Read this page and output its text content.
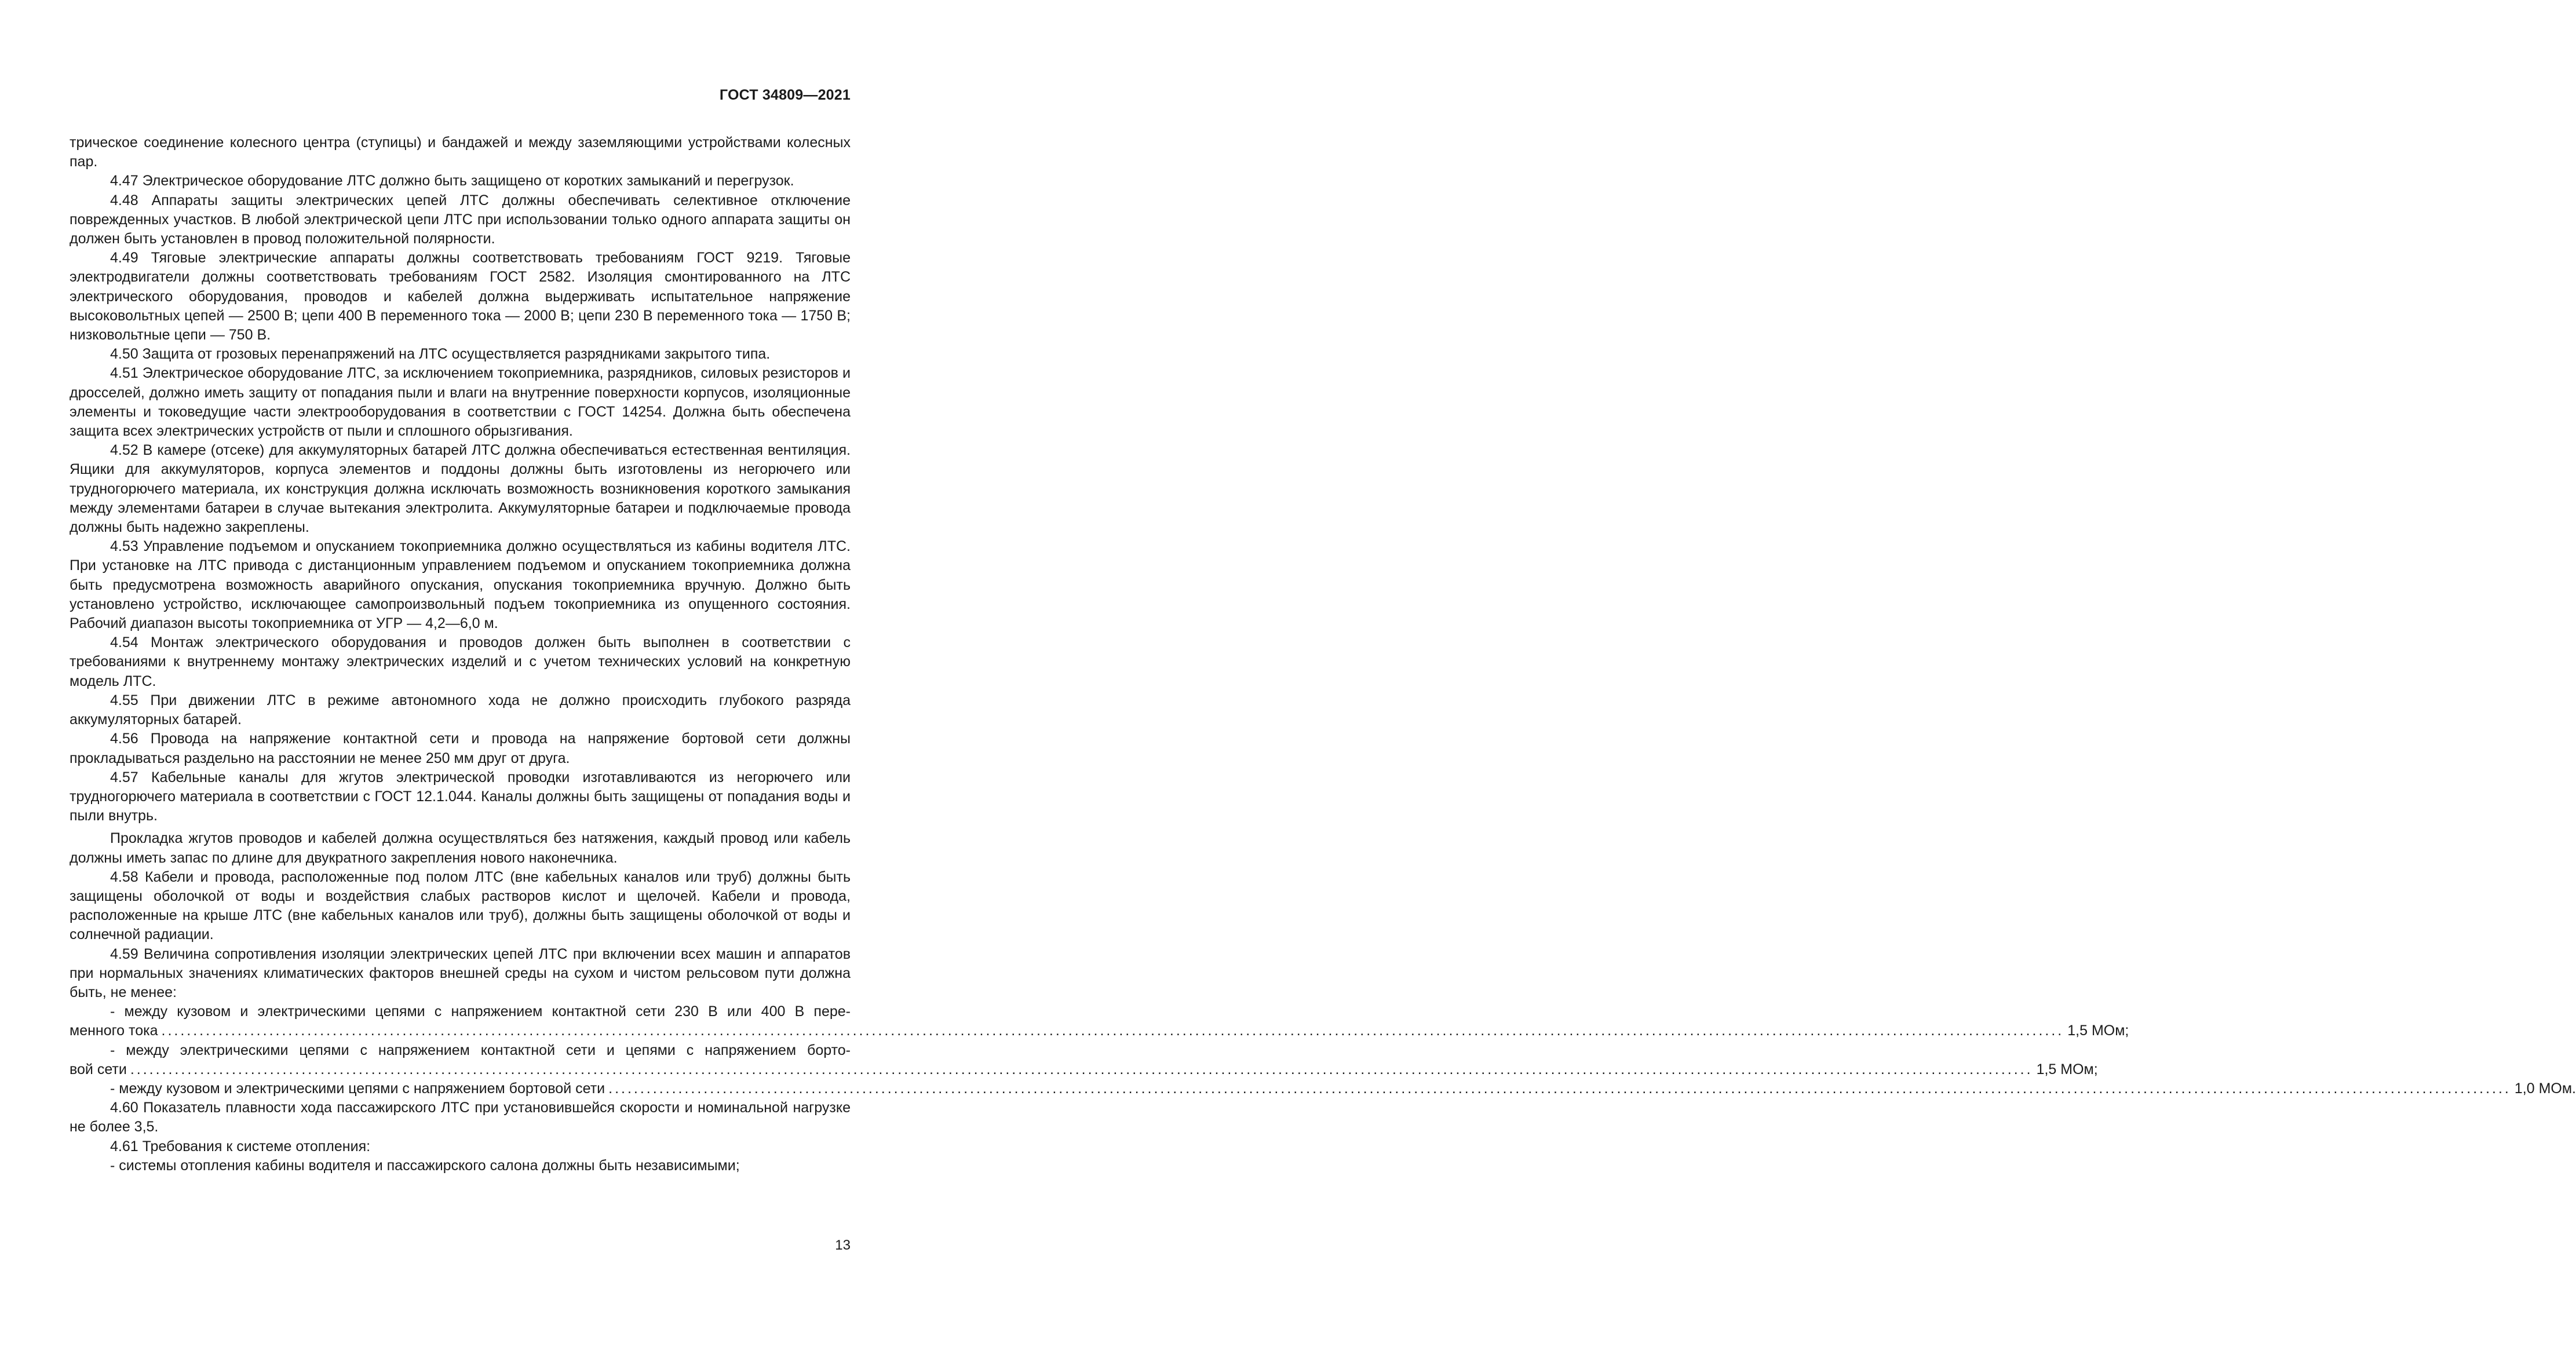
ГОСТ 34809—2021

трическое соединение колесного центра (ступицы) и бандажей и между заземляющими устройствами колесных пар.

4.47 Электрическое оборудование ЛТС должно быть защищено от коротких замыканий и перегрузок.

4.48 Аппараты защиты электрических цепей ЛТС должны обеспечивать селективное отключение поврежденных участков. В любой электрической цепи ЛТС при использовании только одного аппарата защиты он должен быть установлен в провод положительной полярности.

4.49 Тяговые электрические аппараты должны соответствовать требованиям ГОСТ 9219. Тяговые электродвигатели должны соответствовать требованиям ГОСТ 2582. Изоляция смонтированного на ЛТС электрического оборудования, проводов и кабелей должна выдерживать испытательное напряжение высоковольтных цепей — 2500 В; цепи 400 В переменного тока — 2000 В; цепи 230 В переменного тока — 1750 В; низковольтные цепи — 750 В.

4.50 Защита от грозовых перенапряжений на ЛТС осуществляется разрядниками закрытого типа.

4.51 Электрическое оборудование ЛТС, за исключением токоприемника, разрядников, силовых резисторов и дросселей, должно иметь защиту от попадания пыли и влаги на внутренние поверхности корпусов, изоляционные элементы и токоведущие части электрооборудования в соответствии с ГОСТ 14254. Должна быть обеспечена защита всех электрических устройств от пыли и сплошного обрызгивания.

4.52 В камере (отсеке) для аккумуляторных батарей ЛТС должна обеспечиваться естественная вентиляция. Ящики для аккумуляторов, корпуса элементов и поддоны должны быть изготовлены из негорючего или трудногорючего материала, их конструкция должна исключать возможность возникновения короткого замыкания между элементами батареи в случае вытекания электролита. Аккумуляторные батареи и подключаемые провода должны быть надежно закреплены.

4.53 Управление подъемом и опусканием токоприемника должно осуществляться из кабины водителя ЛТС. При установке на ЛТС привода с дистанционным управлением подъемом и опусканием токоприемника должна быть предусмотрена возможность аварийного опускания, опускания токоприемника вручную. Должно быть установлено устройство, исключающее самопроизвольный подъем токоприемника из опущенного состояния. Рабочий диапазон высоты токоприемника от УГР — 4,2—6,0 м.

4.54 Монтаж электрического оборудования и проводов должен быть выполнен в соответствии с требованиями к внутреннему монтажу электрических изделий и с учетом технических условий на конкретную модель ЛТС.

4.55 При движении ЛТС в режиме автономного хода не должно происходить глубокого разряда аккумуляторных батарей.

4.56 Провода на напряжение контактной сети и провода на напряжение бортовой сети должны прокладываться раздельно на расстоянии не менее 250 мм друг от друга.

4.57 Кабельные каналы для жгутов электрической проводки изготавливаются из негорючего или трудногорючего материала в соответствии с ГОСТ 12.1.044. Каналы должны быть защищены от попадания воды и пыли внутрь.

Прокладка жгутов проводов и кабелей должна осуществляться без натяжения, каждый провод или кабель должны иметь запас по длине для двукратного закрепления нового наконечника.

4.58 Кабели и провода, расположенные под полом ЛТС (вне кабельных каналов или труб) должны быть защищены оболочкой от воды и воздействия слабых растворов кислот и щелочей. Кабели и провода, расположенные на крыше ЛТС (вне кабельных каналов или труб), должны быть защищены оболочкой от воды и солнечной радиации.

4.59 Величина сопротивления изоляции электрических цепей ЛТС при включении всех машин и аппаратов при нормальных значениях климатических факторов внешней среды на сухом и чистом рельсовом пути должна быть, не менее:

- между кузовом и электрическими цепями с напряжением контактной сети 230 В или 400 В пере-

менного тока ............................................................................................................................................................................................................................................................................................................ 1,5 МОм;

- между электрическими цепями с напряжением контактной сети и цепями с напряжением борто-

вой сети ............................................................................................................................................................................................................................................................................................................ 1,5 МОм;
- между кузовом и электрическими цепями с напряжением бортовой сети ............................................................................................................................................................................................................................................................................................................ 1,0 МОм.

4.60 Показатель плавности хода пассажирского ЛТС при установившейся скорости и номинальной нагрузке не более 3,5.

4.61 Требования к системе отопления:

- системы отопления кабины водителя и пассажирского салона должны быть независимыми;

13
